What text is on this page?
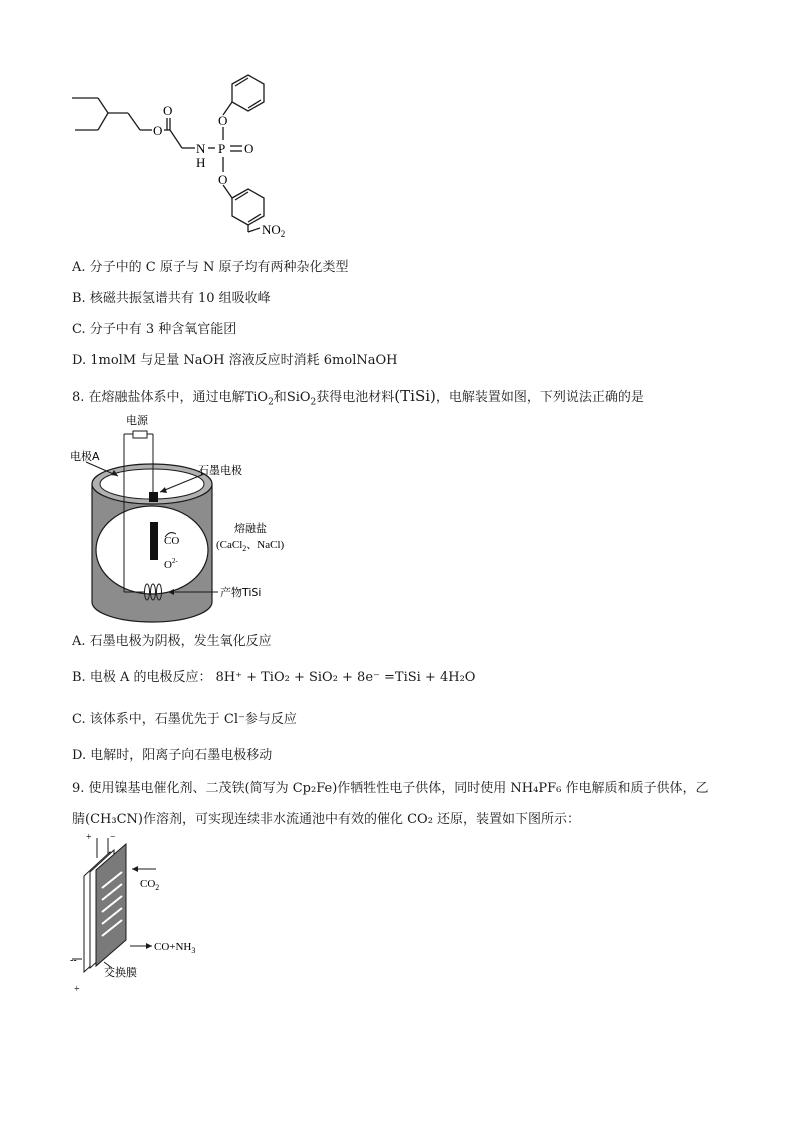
O
O
N
H
P O
O
O
$NO_2$
A. 分子中的 C 原子与 N 原子均有两种杂化类型
B. 核磁共振氢谱共有 10 组吸收峰
C. 分子中有 3 种含氧官能团
D. 1molM 与足量 NaOH 溶液反应时消耗 6molNaOH
8. 在熔融盐体系中，通过电解TiO$_2$和SiO$_2$获得电池材料(TiSi)，电解装置如图，下列说法正确的是
电源
电极A
石墨电极
熔融盐
(CaCl$_2$、NaCl)
CO
$O^{2-}$
产物TiSi
A. 石墨电极为阴极，发生氧化反应
B. 电极 A 的电极反应： 8H⁺ + TiO₂ + SiO₂ + 8e⁻ =TiSi + 4H₂O
C. 该体系中，石墨优先于 Cl⁻参与反应
D. 电解时，阳离子向石墨电极移动
9. 使用镍基电催化剂、二茂铁(简写为 Cp₂Fe)作牺牲性电子供体，同时使用 NH₄PF₆ 作电解质和质子供体，乙
腈(CH₃CN)作溶剂，可实现连续非水流通池中有效的催化 CO₂ 还原，装置如下图所示：
+ −
$CO_2$
$CO+NH_3$
交换膜
--
+
